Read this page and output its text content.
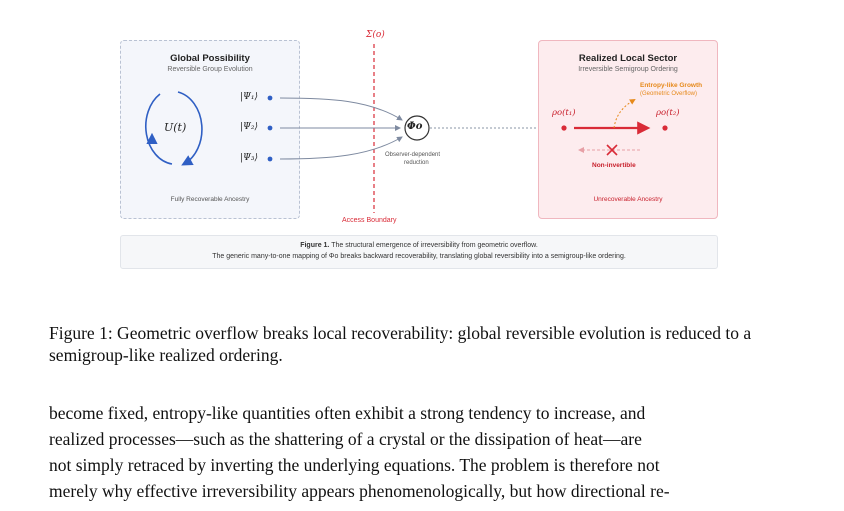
Global Possibility
Reversible Group Evolution
Fully Recoverable Ancestry
Realized Local Sector
Irreversible Semigroup Ordering
Unrecoverable Ancestry
Σ(o)
Access Boundary
U(t)
|Ψ₁⟩
|Ψ₂⟩
|Ψ₃⟩
Φo
Observer-dependent
reduction
Entropy-like Growth
(Geometric Overflow)
ρo(t₁)	ρo(t₂)
Non-invertible
Figure 1. The structural emergence of irreversibility from geometric overflow.
The generic many-to-one mapping of Φo breaks backward recoverability, translating global reversibility into a semigroup-like ordering.
Figure 1: Geometric overflow breaks local recoverability: global reversible evolution is reduced to a semigroup-like realized ordering.

become fixed, entropy-like quantities often exhibit a strong tendency to increase, and

realized processes—such as the shattering of a crystal or the dissipation of heat—are

not simply retraced by inverting the underlying equations. The problem is therefore not

merely why effective irreversibility appears phenomenologically, but how directional re-
